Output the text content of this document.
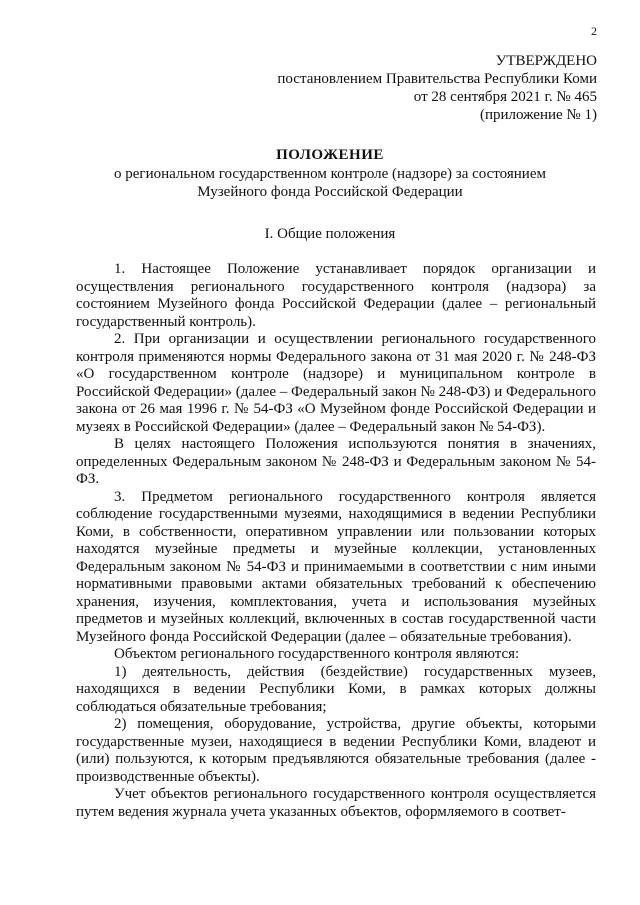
2
УТВЕРЖДЕНО
постановлением Правительства Республики Коми
от 28 сентября 2021 г. № 465
(приложение № 1)
ПОЛОЖЕНИЕ
о региональном государственном контроле (надзоре) за состоянием
Музейного фонда Российской Федерации
I. Общие положения

1. Настоящее Положение устанавливает порядок организации и осуществления регионального государственного контроля (надзора) за состоянием Музейного фонда Российской Федерации (далее – региональный государственный контроль).

2. При организации и осуществлении регионального государственного контроля применяются нормы Федерального закона от 31 мая 2020 г. № 248-ФЗ «О государственном контроле (надзоре) и муниципальном контроле в Российской Федерации» (далее – Федеральный закон № 248-ФЗ) и Федерального закона от 26 мая 1996 г. № 54-ФЗ «О Музейном фонде Российской Федерации и музеях в Российской Федерации» (далее – Федеральный закон № 54-ФЗ).

В целях настоящего Положения используются понятия в значениях, определенных Федеральным законом № 248-ФЗ и Федеральным законом № 54-ФЗ.

3. Предметом регионального государственного контроля является соблюдение государственными музеями, находящимися в ведении Республики Коми, в собственности, оперативном управлении или пользовании которых находятся музейные предметы и музейные коллекции, установленных Федеральным законом № 54-ФЗ и принимаемыми в соответствии с ним иными нормативными правовыми актами обязательных требований к обеспечению хранения, изучения, комплектования, учета и использования музейных предметов и музейных коллекций, включенных в состав государственной части Музейного фонда Российской Федерации (далее – обязательные требования).

Объектом регионального государственного контроля являются:

1) деятельность, действия (бездействие) государственных музеев, находящихся в ведении Республики Коми, в рамках которых должны соблюдаться обязательные требования;

2) помещения, оборудование, устройства, другие объекты, которыми государственные музеи, находящиеся в ведении Республики Коми, владеют и (или) пользуются, к которым предъявляются обязательные требования (далее - производственные объекты).

Учет объектов регионального государственного контроля осуществляется путем ведения журнала учета указанных объектов, оформляемого в соответ-
